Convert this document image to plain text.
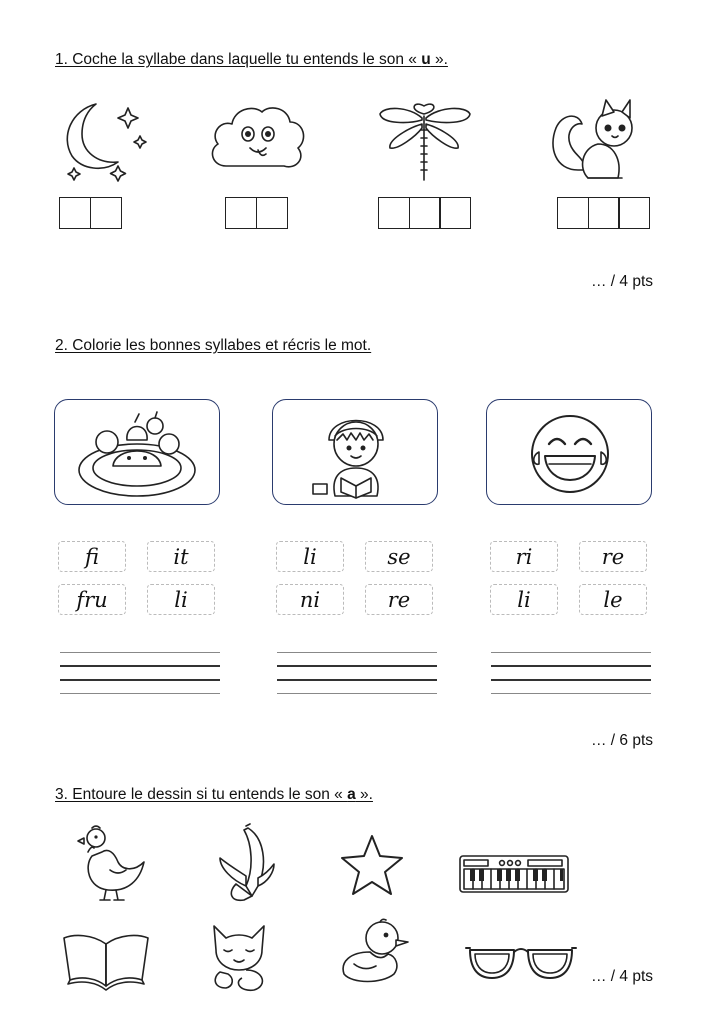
1. Coche la syllabe dans laquelle tu entends le son « u ».
… / 4 pts
2. Colorie les bonnes syllabes et récris le mot.
fi	it
fru	li
li	se
ni	re
ri	re
li	le
… / 6 pts
3. Entoure le dessin si tu entends le son « a ».
… / 4 pts
